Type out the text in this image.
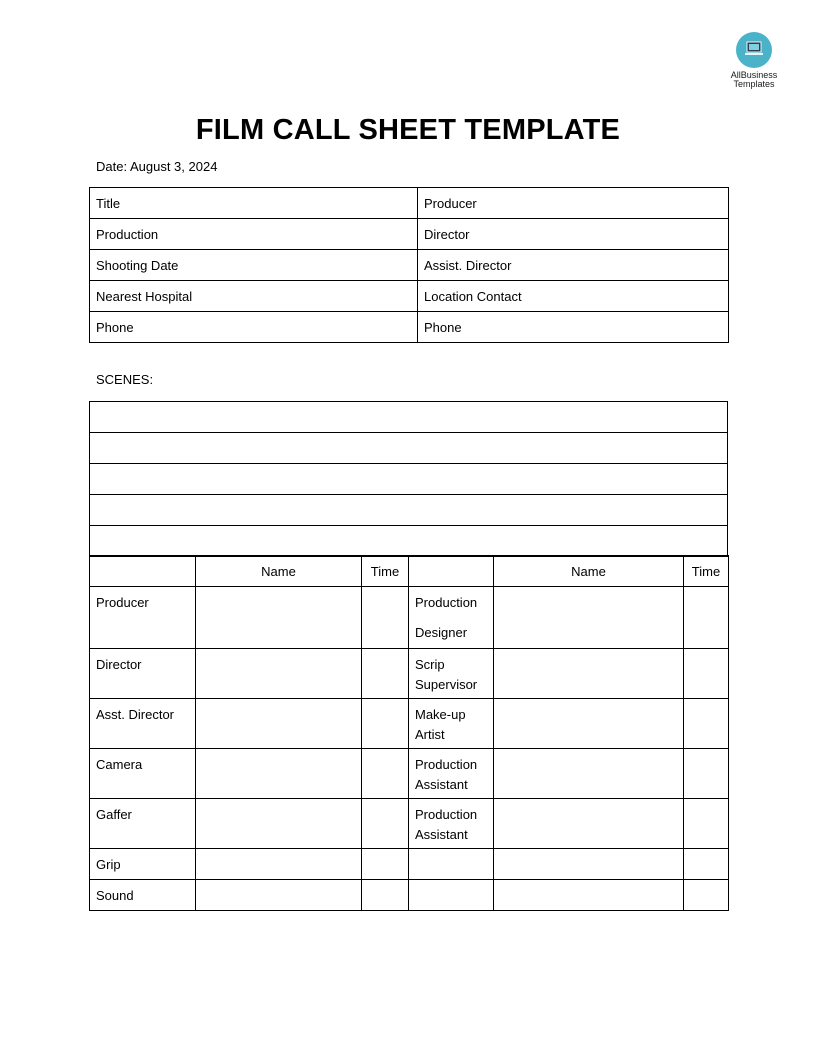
AllBusiness
Templates
FILM CALL SHEET TEMPLATE
Date: August 3, 2024
Title	Producer

Production	Director

Shooting Date	Assist. Director

Nearest Hospital	Location Contact

Phone	Phone
SCENES:

	Name	Time		Name	Time

Producer			Production
Designer		

Director			Scrip
Supervisor		

Asst. Director			Make-up
Artist		

Camera			Production
Assistant		

Gaffer			Production
Assistant		

Grip					

Sound					
